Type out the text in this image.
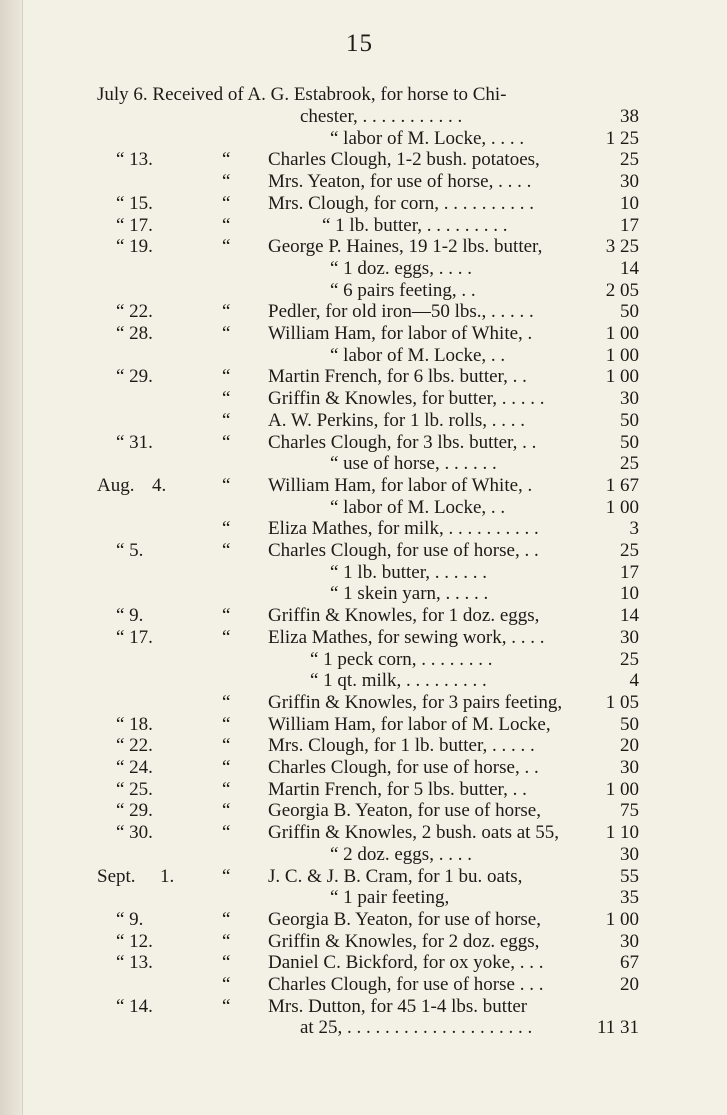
15
July 6. Received of A. G. Estabrook, for horse to Chi-
chester, . . . . . . . . . . .	38
“ labor of M. Locke, . . . .	1 25
“ 13.	“ Charles Clough, 1-2 bush. potatoes,	25
“ Mrs. Yeaton, for use of horse, . . . .	30
“ 15.	“ Mrs. Clough, for corn, . . . . . . . . . .	10
“ 17.	“	“ 1 lb. butter, . . . . . . . . .	17
“ 19.	“ George P. Haines, 19 1-2 lbs. butter,	3 25
“ 1 doz. eggs, . . . .	14
“ 6 pairs feeting, . .	2 05
“ 22.	“ Pedler, for old iron—50 lbs., . . . . .	50
“ 28.	“ William Ham, for labor of White, .	1 00
“ labor of M. Locke, . .	1 00
“ 29.	“ Martin French, for 6 lbs. butter, . .	1 00
“ Griffin & Knowles, for butter, . . . . .	30
“ A. W. Perkins, for 1 lb. rolls, . . . .	50
“ 31.	“ Charles Clough, for 3 lbs. butter, . .	50
“ use of horse, . . . . . .	25
Aug. 4.	“ William Ham, for labor of White, .	1 67
“ labor of M. Locke, . .	1 00
“ Eliza Mathes, for milk, . . . . . . . . . .	3
“ 5.	“ Charles Clough, for use of horse, . .	25
“ 1 lb. butter, . . . . . .	17
“ 1 skein yarn, . . . . .	10
“ 9.	“ Griffin & Knowles, for 1 doz. eggs,	14
“ 17.	“ Eliza Mathes, for sewing work, . . . .	30
“ 1 peck corn, . . . . . . . .	25
“ 1 qt. milk, . . . . . . . . .	4
“ Griffin & Knowles, for 3 pairs feeting,	1 05
“ 18.	“ William Ham, for labor of M. Locke,	50
“ 22.	“ Mrs. Clough, for 1 lb. butter, . . . . .	20
“ 24.	“ Charles Clough, for use of horse, . .	30
“ 25.	“ Martin French, for 5 lbs. butter, . .	1 00
“ 29.	“ Georgia B. Yeaton, for use of horse,	75
“ 30.	“ Griffin & Knowles, 2 bush. oats at 55,	1 10
“ 2 doz. eggs, . . . .	30
Sept. 1.	“ J. C. & J. B. Cram, for 1 bu. oats,	55
“ 1 pair feeting,	35
“ 9.	“ Georgia B. Yeaton, for use of horse,	1 00
“ 12.	“ Griffin & Knowles, for 2 doz. eggs,	30
“ 13.	“ Daniel C. Bickford, for ox yoke, . . .	67
“ Charles Clough, for use of horse . . .	20
“ 14.	“ Mrs. Dutton, for 45 1-4 lbs. butter
at 25, . . . . . . . . . . . . . . . . . . . .	11 31
